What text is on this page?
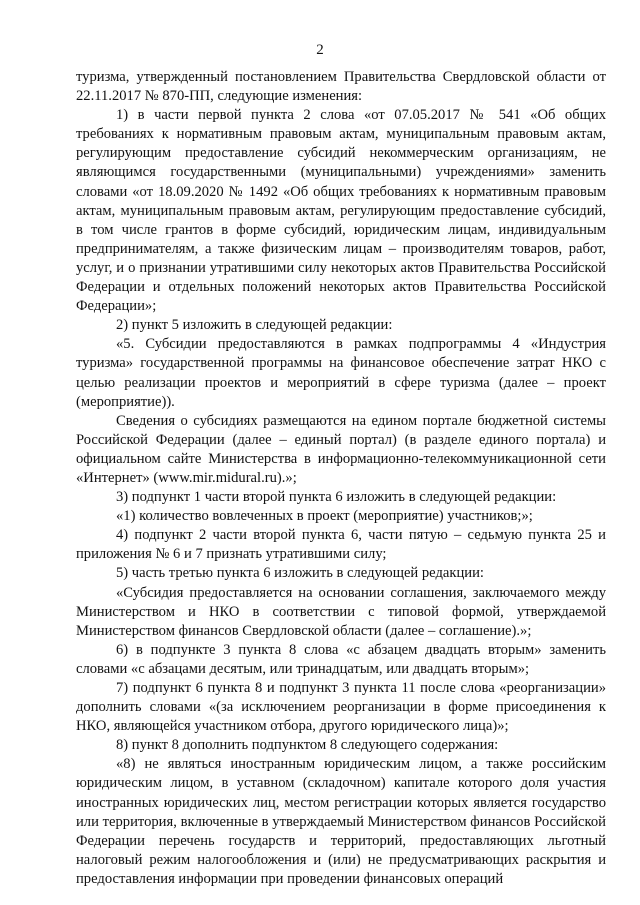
2

туризма, утвержденный постановлением Правительства Свердловской области от 22.11.2017 № 870-ПП, следующие изменения:

1) в части первой пункта 2 слова «от 07.05.2017 № 541 «Об общих требованиях к нормативным правовым актам, муниципальным правовым актам, регулирующим предоставление субсидий некоммерческим организациям, не являющимся государственными (муниципальными) учреждениями» заменить словами «от 18.09.2020 № 1492 «Об общих требованиях к нормативным правовым актам, муниципальным правовым актам, регулирующим предоставление субсидий, в том числе грантов в форме субсидий, юридическим лицам, индивидуальным предпринимателям, а также физическим лицам – производителям товаров, работ, услуг, и о признании утратившими силу некоторых актов Правительства Российской Федерации и отдельных положений некоторых актов Правительства Российской Федерации»;

2) пункт 5 изложить в следующей редакции:

«5. Субсидии предоставляются в рамках подпрограммы 4 «Индустрия туризма» государственной программы на финансовое обеспечение затрат НКО с целью реализации проектов и мероприятий в сфере туризма (далее – проект (мероприятие)).

Сведения о субсидиях размещаются на едином портале бюджетной системы Российской Федерации (далее – единый портал) (в разделе единого портала) и официальном сайте Министерства в информационно-телекоммуникационной сети «Интернет» (www.mir.midural.ru).»;

3) подпункт 1 части второй пункта 6 изложить в следующей редакции:

«1) количество вовлеченных в проект (мероприятие) участников;»;

4) подпункт 2 части второй пункта 6, части пятую – седьмую пункта 25 и приложения № 6 и 7 признать утратившими силу;

5) часть третью пункта 6 изложить в следующей редакции:

«Субсидия предоставляется на основании соглашения, заключаемого между Министерством и НКО в соответствии с типовой формой, утверждаемой Министерством финансов Свердловской области (далее – соглашение).»;

6) в подпункте 3 пункта 8 слова «с абзацем двадцать вторым» заменить словами «с абзацами десятым, или тринадцатым, или двадцать вторым»;

7) подпункт 6 пункта 8 и подпункт 3 пункта 11 после слова «реорганизации» дополнить словами «(за исключением реорганизации в форме присоединения к НКО, являющейся участником отбора, другого юридического лица)»;

8) пункт 8 дополнить подпунктом 8 следующего содержания:

«8) не являться иностранным юридическим лицом, а также российским юридическим лицом, в уставном (складочном) капитале которого доля участия иностранных юридических лиц, местом регистрации которых является государство или территория, включенные в утверждаемый Министерством финансов Российской Федерации перечень государств и территорий, предоставляющих льготный налоговый режим налогообложения и (или) не предусматривающих раскрытия и предоставления информации при проведении финансовых операций
